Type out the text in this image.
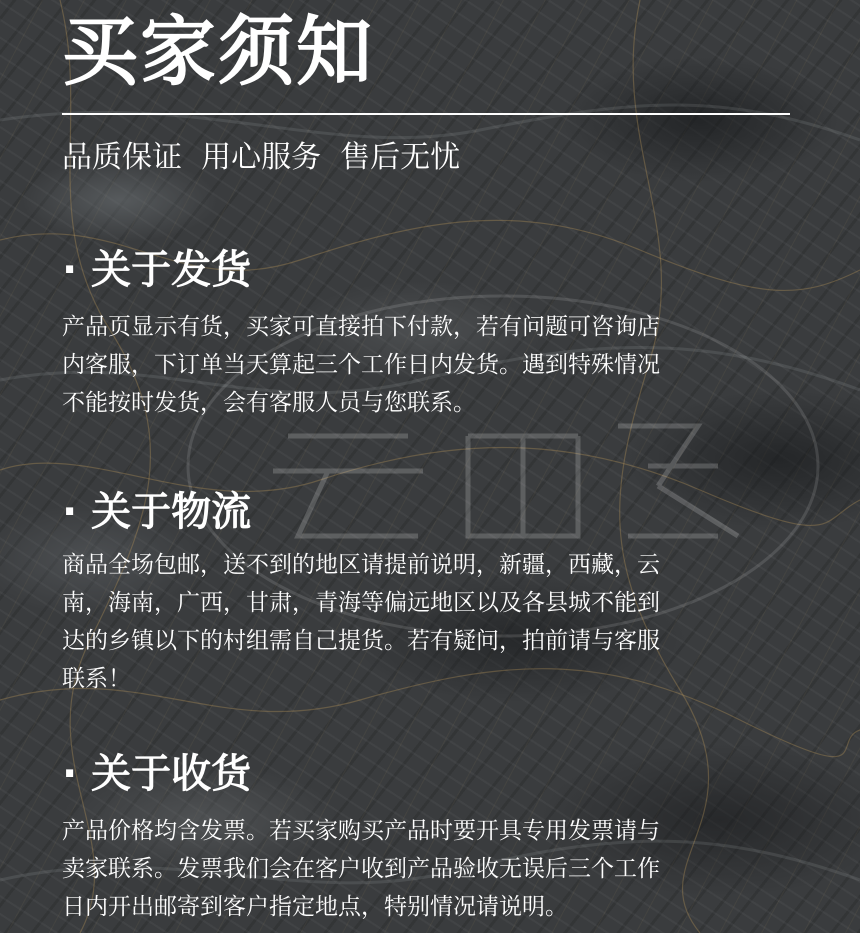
买家须知
品质保证  用心服务  售后无忧
· 关于发货
产品页显示有货，买家可直接拍下付款，若有问题可咨询店
内客服，下订单当天算起三个工作日内发货。遇到特殊情况
不能按时发货，会有客服人员与您联系。
· 关于物流
商品全场包邮，送不到的地区请提前说明，新疆，西藏，云
南，海南，广西，甘肃，青海等偏远地区以及各县城不能到
达的乡镇以下的村组需自己提货。若有疑问，拍前请与客服
联系！
· 关于收货
产品价格均含发票。若买家购买产品时要开具专用发票请与
卖家联系。发票我们会在客户收到产品验收无误后三个工作
日内开出邮寄到客户指定地点，特别情况请说明。
